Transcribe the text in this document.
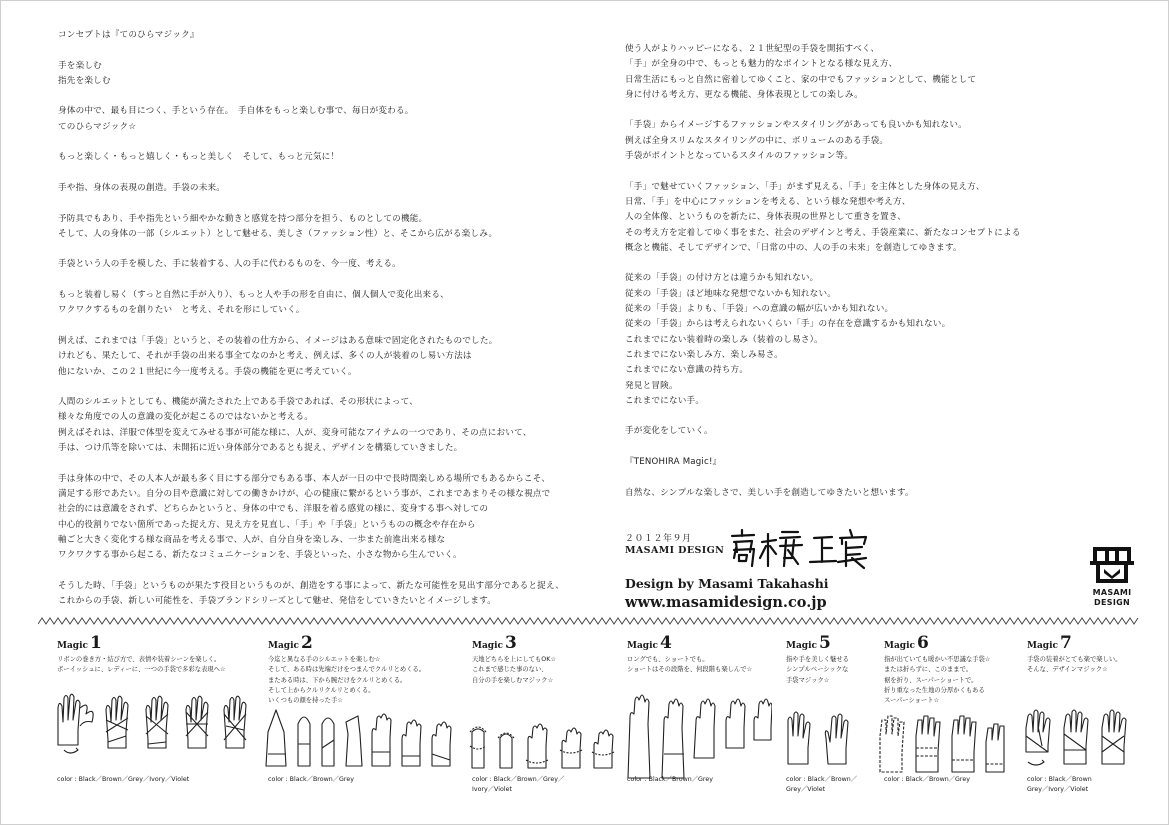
コンセプトは『てのひらマジック』

手を楽しむ
指先を楽しむ

身体の中で、最も目につく、手という存在。　手自体をもっと楽しむ事で、毎日が変わる。
てのひらマジック☆

もっと楽しく・もっと嬉しく・もっと美しく　そして、もっと元気に！

手や指、身体の表現の創造。手袋の未来。

予防具でもあり、手や指先という細やかな動きと感覚を持つ部分を担う、ものとしての機能。
そして、人の身体の一部（シルエット）として魅せる、美しさ（ファッション性）と、そこから広がる楽しみ。

手袋という人の手を模した、手に装着する、人の手に代わるものを、今一度、考える。

もっと装着し易く（すっと自然に手が入り）、もっと人や手の形を自由に、個人個人で変化出来る、
ワクワクするものを創りたい　と考え、それを形にしていく。

例えば、これまでは「手袋」というと、その装着の仕方から、イメージはある意味で固定化されたものでした。
けれども、果たして、それが手袋の出来る事全てなのかと考え、例えば、多くの人が装着のし易い方法は
他にないか、この２１世紀に今一度考える。手袋の機能を更に考えていく。

人間のシルエットとしても、機能が満たされた上である手袋であれば、その形状によって、
様々な角度での人の意識の変化が起こるのではないかと考える。
例えばそれは、洋服で体型を変えてみせる事が可能な様に、人が、変身可能なアイテムの一つであり、その点において、
手は、つけ爪等を除いては、未開拓に近い身体部分であるとも捉え、デザインを構築していきました。

手は身体の中で、その人本人が最も多く目にする部分でもある事、本人が一日の中で長時間楽しめる場所でもあるからこそ、
満足する形であたい。自分の目や意識に対しての働きかけが、心の健康に繋がるという事が、これまであまりその様な視点で
社会的には意識をされず、どちらかというと、身体の中でも、洋服を着る感覚の様に、変身する事へ対しての
中心的役割りでない箇所であった捉え方、見え方を見直し、「手」や「手袋」というものの概念や存在から
軸ごと大きく変化する様な商品を考える事で、人が、自分自身を楽しみ、一歩また前進出来る様な
ワクワクする事から起こる、新たなコミュニケーションを、手袋といった、小さな物から生んでいく。

そうした時、「手袋」というものが果たす役目というものが、創造をする事によって、新たな可能性を見出す部分であると捉え、
これからの手袋、新しい可能性を、手袋ブランドシリーズとして魅せ、発信をしていきたいとイメージします。

使う人がよりハッピーになる、２１世紀型の手袋を開拓すべく、
「手」が全身の中で、もっとも魅力的なポイントとなる様な見え方、
日常生活にもっと自然に密着してゆくこと、家の中でもファッションとして、機能として
身に付ける考え方、更なる機能、身体表現としての楽しみ。

「手袋」からイメージするファッションやスタイリングがあっても良いかも知れない。
例えば全身スリムなスタイリングの中に、ボリュームのある手袋。
手袋がポイントとなっているスタイルのファッション等。

「手」で魅せていくファッション、「手」がまず見える、「手」を主体とした身体の見え方、
日常、「手」を中心にファッションを考える、という様な発想や考え方、
人の全体像、というものを新たに、身体表現の世界として重きを置き、
その考え方を定着してゆく事をまた、社会のデザインと考え、手袋産業に、新たなコンセプトによる
概念と機能、そしてデザインで、「日常の中の、人の手の未来」を創造してゆきます。

従来の「手袋」の付け方とは違うかも知れない。
従来の「手袋」ほど地味な発想でないかも知れない。
従来の「手袋」よりも、「手袋」への意識の幅が広いかも知れない。
従来の「手袋」からは考えられないくらい「手」の存在を意識するかも知れない。
これまでにない装着時の楽しみ（装着のし易さ）。
これまでにない楽しみ方、楽しみ易さ。
これまでにない意識の持ち方。
発見と冒険。
これまでにない手。

手が変化をしていく。

『TENOHIRA Magic!』

自然な、シンプルな楽しさで、美しい手を創造してゆきたいと想います。

２０１２年９月
MASAMI DESIGN
Design by Masami Takahashi
www.masamidesign.co.jp
MASAMI
DESIGN
Magic 1
リボンの巻き方・結び方で、表情や装着シーンを楽しく。
ボーイッシュに、レディーに、一つの手袋で多彩な表現へ☆
color : Black／Brown／Grey／Ivory／Violet
Magic 2
今迄と異なる手のシルエットを楽しむ☆
そして、ある時は先端だけをつまんでクルリとめくる。
またある時は、下から腕だけをクルリとめくる。
そして上からクルリクルリとめくる。
いくつもの顔を持った手☆
color : Black／Brown／Grey
Magic 3
天地どちらを上にしてもOK☆
これまで感じた事のない、
自分の手を楽しむマジック☆
color : Black／Brown／Grey／
Ivory／Violet
Magic 4
ロングでも、ショートでも。
ショートはその段階を、何段階も楽しんで☆
color : Black／Brown／Grey
Magic 5
指や手を美しく魅せる
シンプルベーシックな
手袋マジック☆
color : Black／Brown／
Grey／Violet
Magic 6
指が出ていても暖かい不思議な手袋☆
または折らずに、このままで。
裾を折り、スーパーショートで。
折り重なった生地の分厚かくもある
スーパーショート☆
color : Black／Brown／Grey
Magic 7
手袋の装着がとても楽で楽しい。
そんな、デザインマジック☆
color : Black／Brown
Grey／Ivory／Violet
